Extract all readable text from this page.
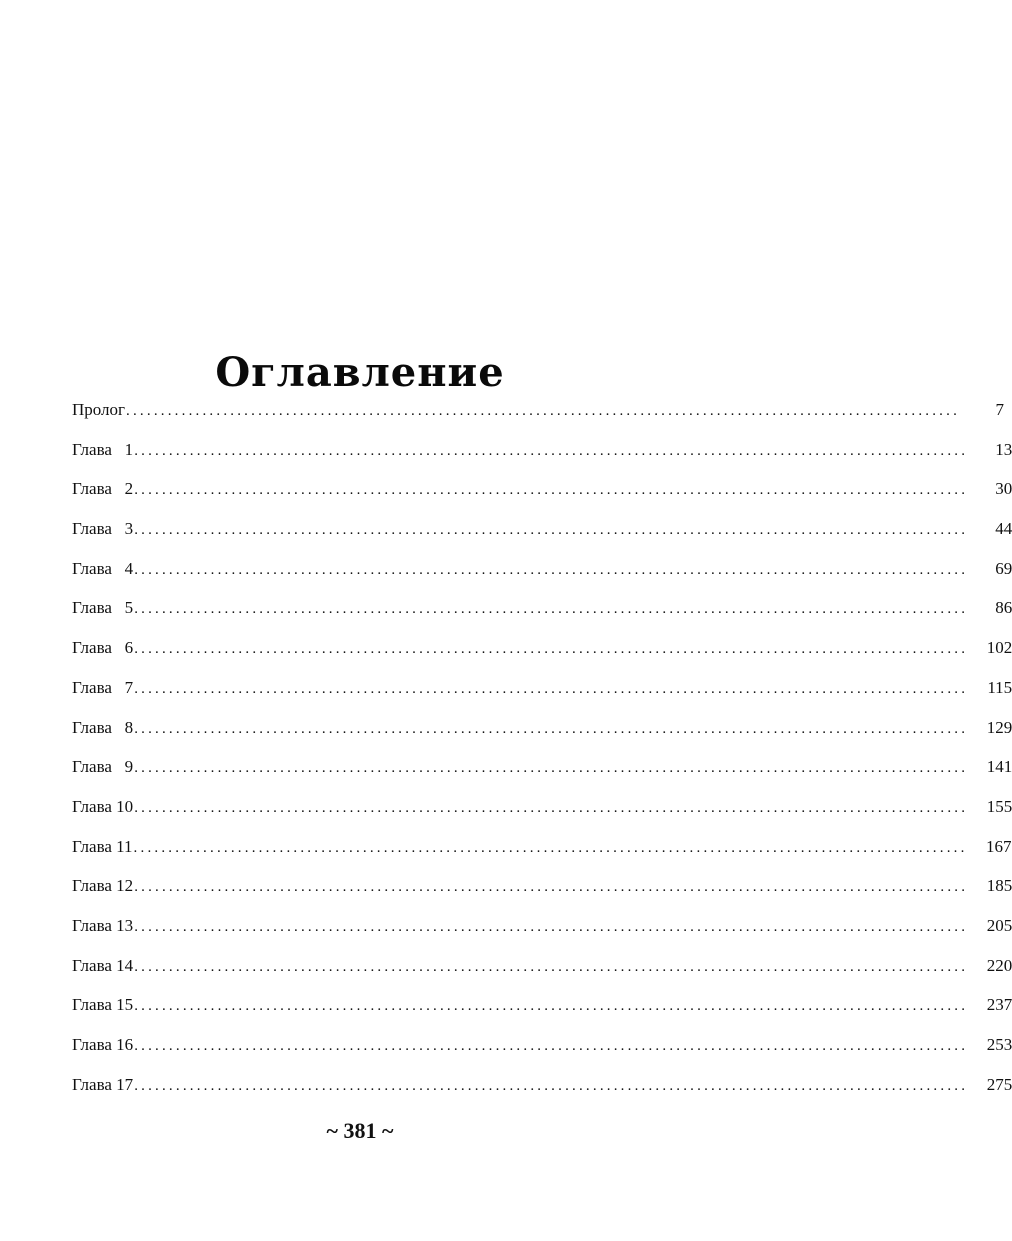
Оглавление
Пролог ........................................................................................................................	7
Глава   1 ........................................................................................................................	13
Глава   2 ........................................................................................................................	30
Глава   3 ........................................................................................................................	44
Глава   4 ........................................................................................................................	69
Глава   5 ........................................................................................................................	86
Глава   6 ........................................................................................................................	102
Глава   7 ........................................................................................................................	115
Глава   8 ........................................................................................................................	129
Глава   9 ........................................................................................................................	141
Глава 10 ........................................................................................................................	155
Глава 11 ........................................................................................................................	167
Глава 12 ........................................................................................................................	185
Глава 13 ........................................................................................................................	205
Глава 14 ........................................................................................................................	220
Глава 15 ........................................................................................................................	237
Глава 16 ........................................................................................................................	253
Глава 17 ........................................................................................................................	275
~ 381 ~
